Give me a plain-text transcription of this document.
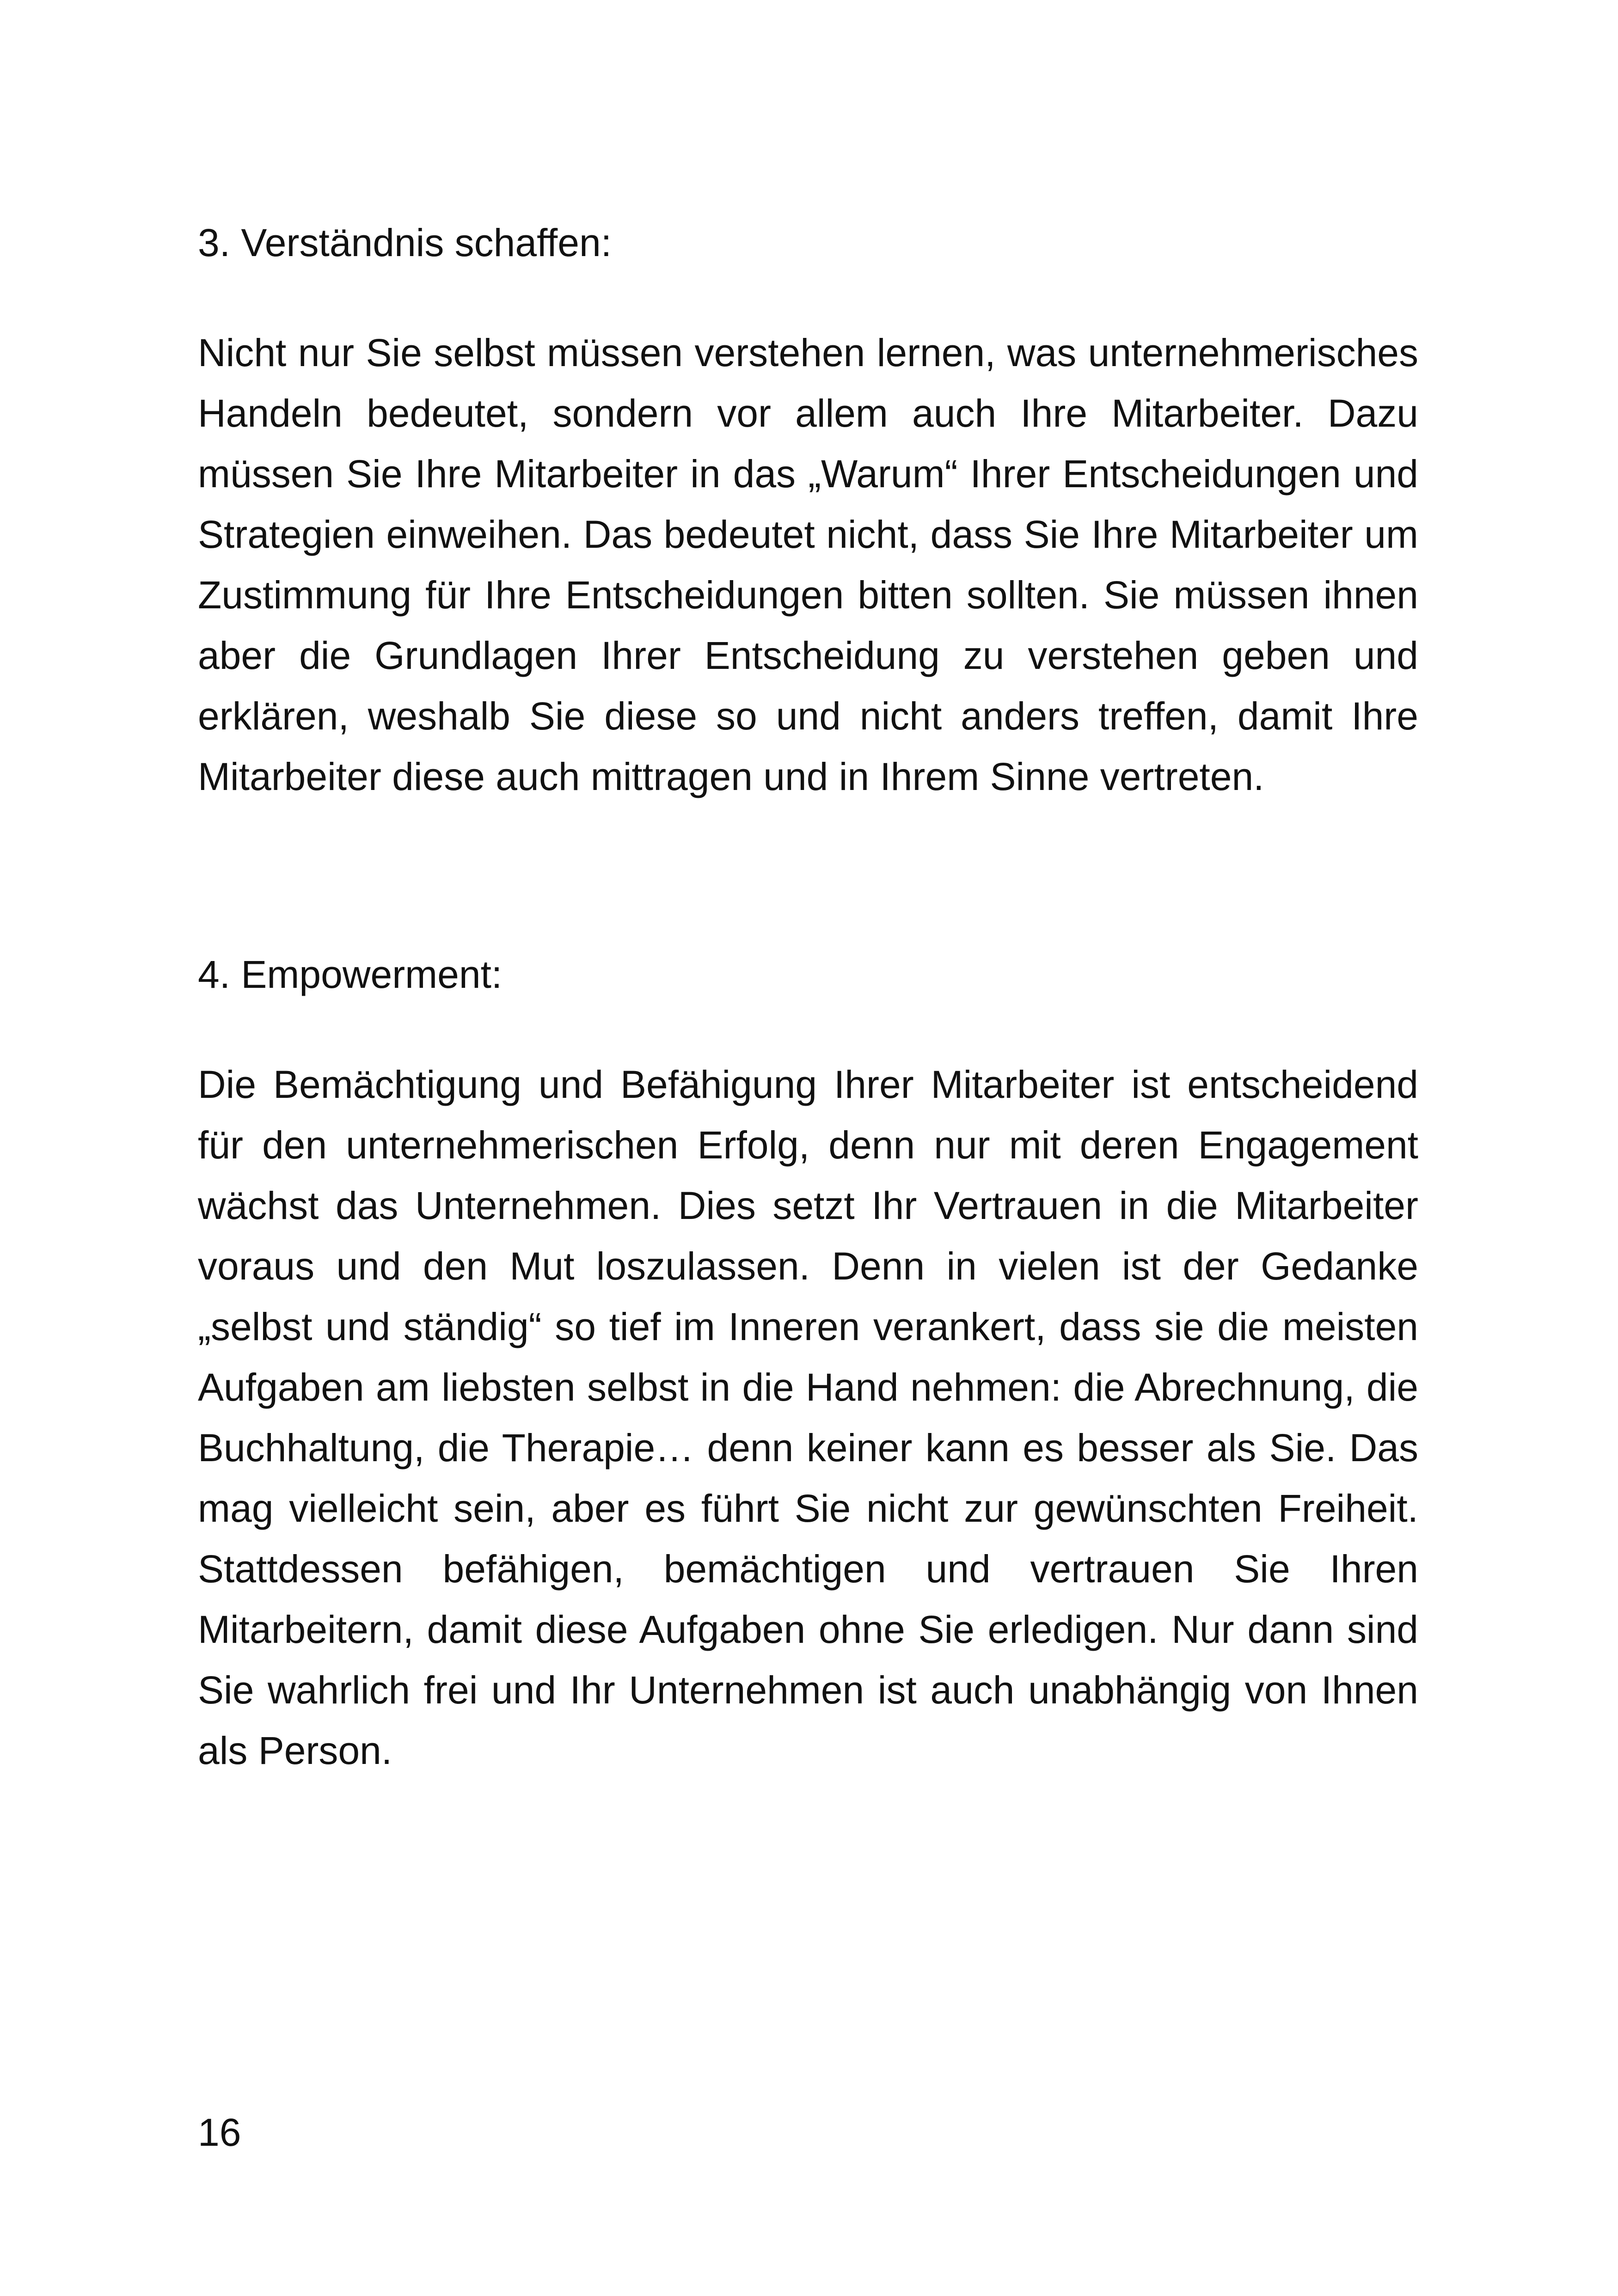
3. Verständnis schaffen:

Nicht nur Sie selbst müssen verstehen lernen, was unternehmerisches Handeln bedeutet, sondern vor allem auch Ihre Mitarbeiter. Dazu müssen Sie Ihre Mitarbeiter in das „Warum“ Ihrer Entscheidungen und Strategien einweihen. Das bedeutet nicht, dass Sie Ihre Mitarbeiter um Zustimmung für Ihre Entscheidungen bitten sollten. Sie müssen ihnen aber die Grundlagen Ihrer Entscheidung zu verstehen geben und erklären, weshalb Sie diese so und nicht anders treffen, damit Ihre Mitarbeiter diese auch mittragen und in Ihrem Sinne vertreten.

4. Empowerment:

Die Bemächtigung und Befähigung Ihrer Mitarbeiter ist entscheidend für den unternehmerischen Erfolg, denn nur mit deren Engagement wächst das Unternehmen. Dies setzt Ihr Vertrauen in die Mitarbeiter voraus und den Mut loszulassen. Denn in vielen ist der Gedanke „selbst und ständig“ so tief im Inneren verankert, dass sie die meisten Aufgaben am liebsten selbst in die Hand nehmen: die Abrechnung, die Buchhaltung, die Therapie… denn keiner kann es besser als Sie. Das mag vielleicht sein, aber es führt Sie nicht zur gewünschten Freiheit. Stattdessen befähigen, bemächtigen und vertrauen Sie Ihren Mitarbeitern, damit diese Aufgaben ohne Sie erledigen. Nur dann sind Sie wahrlich frei und Ihr Unternehmen ist auch unabhängig von Ihnen als Person.

16
